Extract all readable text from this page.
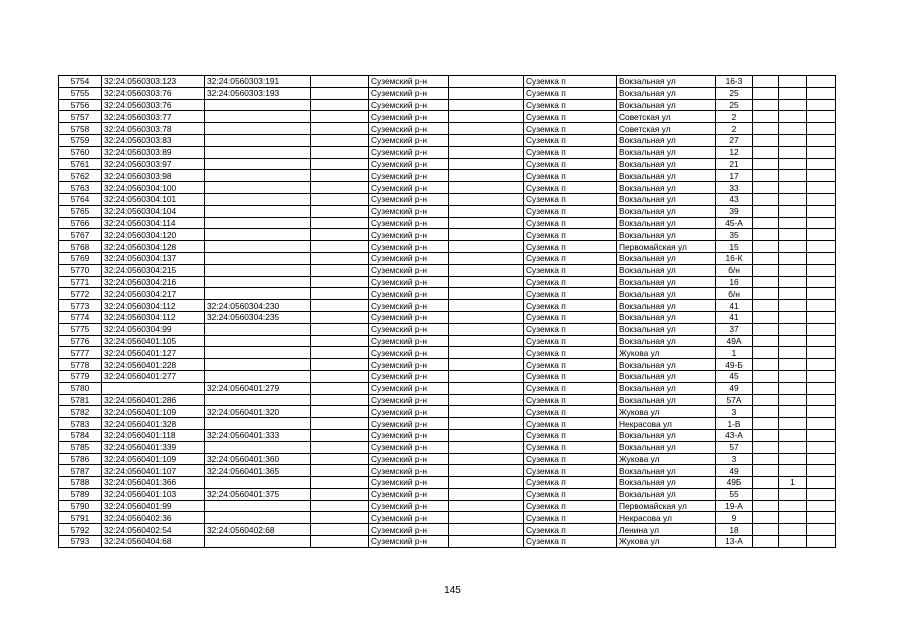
5754	32:24:0560303:123	32:24:0560303:191		Суземский р-н		Суземка п	Вокзальная ул	16-3			
5755	32:24:0560303:76	32:24:0560303:193		Суземский р-н		Суземка п	Вокзальная ул	25			
5756	32:24:0560303:76			Суземский р-н		Суземка п	Вокзальная ул	25			
5757	32:24:0560303:77			Суземский р-н		Суземка п	Советская ул	2			
5758	32:24:0560303:78			Суземский р-н		Суземка п	Советская ул	2			
5759	32:24:0560303:83			Суземский р-н		Суземка п	Вокзальная ул	27			
5760	32:24:0560303:89			Суземский р-н		Суземка п	Вокзальная ул	12			
5761	32:24:0560303:97			Суземский р-н		Суземка п	Вокзальная ул	21			
5762	32:24:0560303:98			Суземский р-н		Суземка п	Вокзальная ул	17			
5763	32:24:0560304:100			Суземский р-н		Суземка п	Вокзальная ул	33			
5764	32:24:0560304:101			Суземский р-н		Суземка п	Вокзальная ул	43			
5765	32:24:0560304:104			Суземский р-н		Суземка п	Вокзальная ул	39			
5766	32:24:0560304:114			Суземский р-н		Суземка п	Вокзальная ул	45-А			
5767	32:24:0560304:120			Суземский р-н		Суземка п	Вокзальная ул	35			
5768	32:24:0560304:128			Суземский р-н		Суземка п	Первомайская ул	15			
5769	32:24:0560304:137			Суземский р-н		Суземка п	Вокзальная ул	16-К			
5770	32:24:0560304:215			Суземский р-н		Суземка п	Вокзальная ул	б/н			
5771	32:24:0560304:216			Суземский р-н		Суземка п	Вокзальная ул	16			
5772	32:24:0560304:217			Суземский р-н		Суземка п	Вокзальная ул	б/н			
5773	32:24:0560304:112	32:24:0560304:230		Суземский р-н		Суземка п	Вокзальная ул	41			
5774	32:24:0560304:112	32:24:0560304:235		Суземский р-н		Суземка п	Вокзальная ул	41			
5775	32:24:0560304:99			Суземский р-н		Суземка п	Вокзальная ул	37			
5776	32:24:0560401:105			Суземский р-н		Суземка п	Вокзальная ул	49А			
5777	32:24:0560401:127			Суземский р-н		Суземка п	Жукова ул	1			
5778	32:24:0560401:228			Суземский р-н		Суземка п	Вокзальная ул	49-Б			
5779	32:24:0560401:277			Суземский р-н		Суземка п	Вокзальная ул	45			
5780		32:24:0560401:279		Суземский р-н		Суземка п	Вокзальная ул	49			
5781	32:24:0560401:286			Суземский р-н		Суземка п	Вокзальная ул	57А			
5782	32:24:0560401:109	32:24:0560401:320		Суземский р-н		Суземка п	Жукова ул	3			
5783	32:24:0560401:328			Суземский р-н		Суземка п	Некрасова ул	1-В			
5784	32:24:0560401:118	32:24:0560401:333		Суземский р-н		Суземка п	Вокзальная ул	43-А			
5785	32:24:0560401:339			Суземский р-н		Суземка п	Вокзальная ул	57			
5786	32:24:0560401:109	32:24:0560401:360		Суземский р-н		Суземка п	Жукова ул	3			
5787	32:24:0560401:107	32:24:0560401:365		Суземский р-н		Суземка п	Вокзальная ул	49			
5788	32:24:0560401:366			Суземский р-н		Суземка п	Вокзальная ул	49Б		1	
5789	32:24:0560401:103	32:24:0560401:375		Суземский р-н		Суземка п	Вокзальная ул	55			
5790	32:24:0560401:99			Суземский р-н		Суземка п	Первомайская ул	19-А			
5791	32:24:0560402:36			Суземский р-н		Суземка п	Некрасова ул	9			
5792	32:24:0560402:54	32:24:0560402:68		Суземский р-н		Суземка п	Ленина ул	18			
5793	32:24:0560404:68			Суземский р-н		Суземка п	Жукова ул	13-А			
145
